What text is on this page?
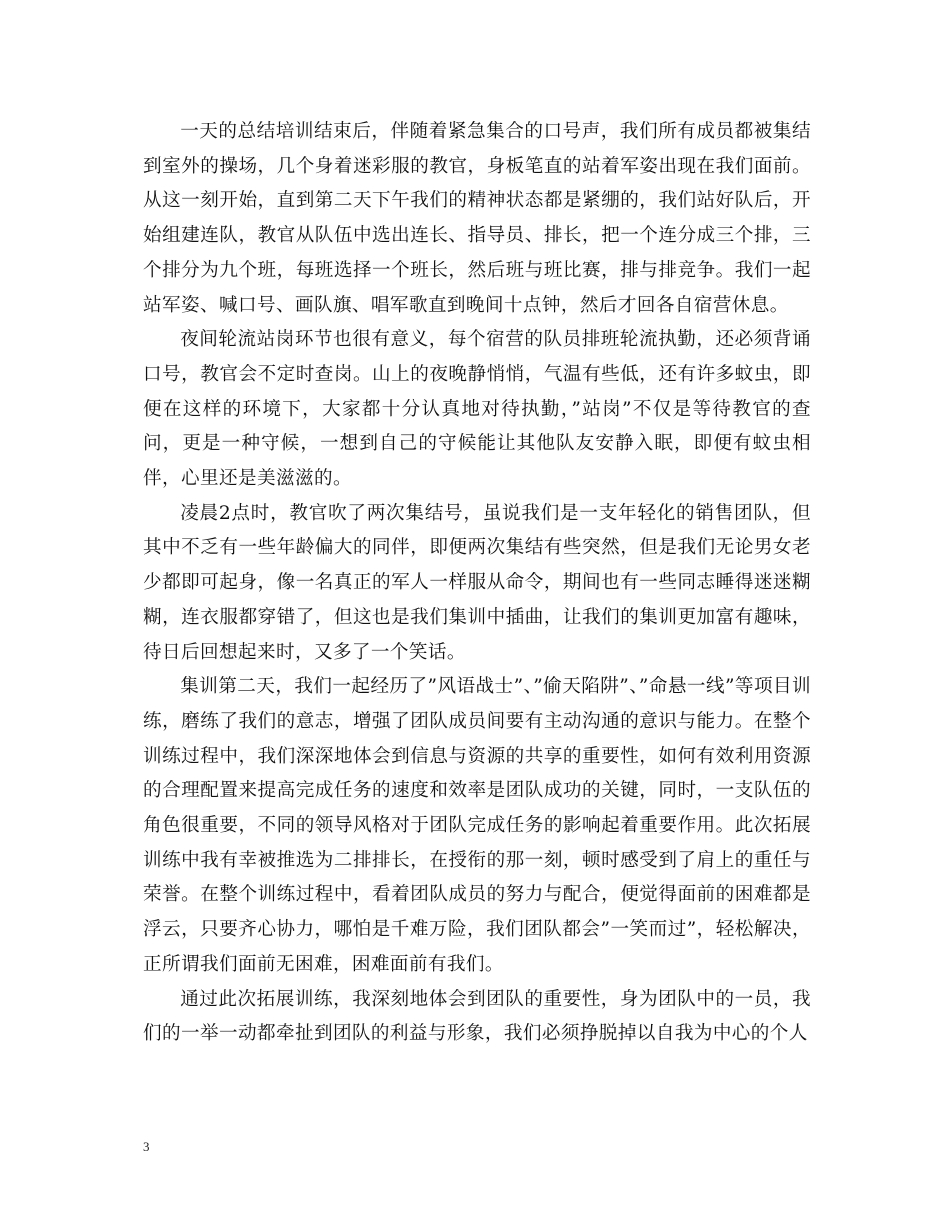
一天的总结培训结束后，伴随着紧急集合的口号声，我们所有成员都被集结到室外的操场，几个身着迷彩服的教官，身板笔直的站着军姿出现在我们面前。从这一刻开始，直到第二天下午我们的精神状态都是紧绷的，我们站好队后，开始组建连队，教官从队伍中选出连长、指导员、排长，把一个连分成三个排，三个排分为九个班，每班选择一个班长，然后班与班比赛，排与排竞争。我们一起站军姿、喊口号、画队旗、唱军歌直到晚间十点钟，然后才回各自宿营休息。

夜间轮流站岗环节也很有意义，每个宿营的队员排班轮流执勤，还必须背诵口号，教官会不定时查岗。山上的夜晚静悄悄，气温有些低，还有许多蚊虫，即便在这样的环境下，大家都十分认真地对待执勤，”站岗”不仅是等待教官的查问，更是一种守候，一想到自己的守候能让其他队友安静入眠，即便有蚊虫相伴，心里还是美滋滋的。

凌晨2点时，教官吹了两次集结号，虽说我们是一支年轻化的销售团队，但其中不乏有一些年龄偏大的同伴，即便两次集结有些突然，但是我们无论男女老少都即可起身，像一名真正的军人一样服从命令，期间也有一些同志睡得迷迷糊糊，连衣服都穿错了，但这也是我们集训中插曲，让我们的集训更加富有趣味，待日后回想起来时，又多了一个笑话。

集训第二天，我们一起经历了”风语战士”、”偷天陷阱”、”命悬一线”等项目训练，磨练了我们的意志，增强了团队成员间要有主动沟通的意识与能力。在整个训练过程中，我们深深地体会到信息与资源的共享的重要性，如何有效利用资源的合理配置来提高完成任务的速度和效率是团队成功的关键，同时，一支队伍的角色很重要，不同的领导风格对于团队完成任务的影响起着重要作用。此次拓展训练中我有幸被推选为二排排长，在授衔的那一刻，顿时感受到了肩上的重任与荣誉。在整个训练过程中，看着团队成员的努力与配合，便觉得面前的困难都是浮云，只要齐心协力，哪怕是千难万险，我们团队都会”一笑而过”，轻松解决，正所谓我们面前无困难，困难面前有我们。

通过此次拓展训练，我深刻地体会到团队的重要性，身为团队中的一员，我们的一举一动都牵扯到团队的利益与形象，我们必须挣脱掉以自我为中心的个人

3
